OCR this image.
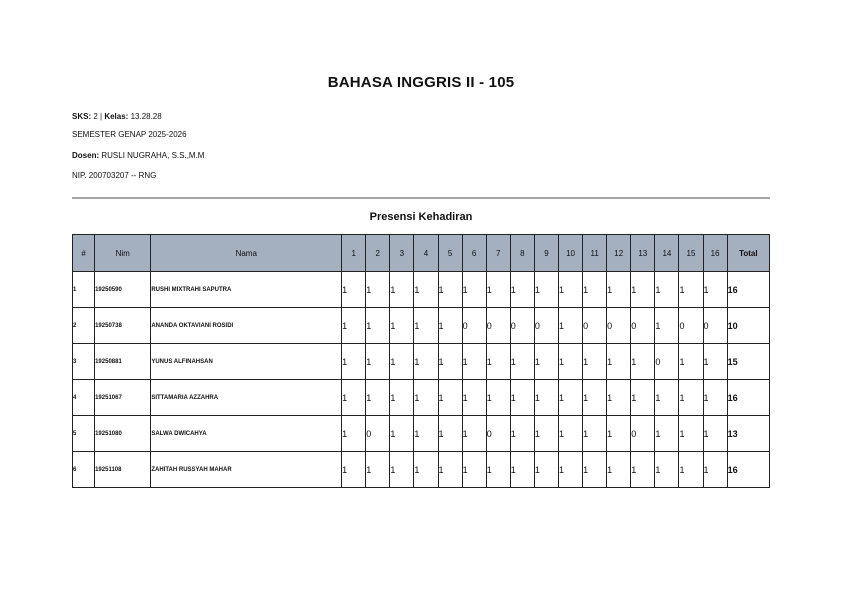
BAHASA INGGRIS II - 105
SKS: 2 | Kelas: 13.28.28
SEMESTER GENAP 2025-2026
Dosen: RUSLI NUGRAHA, S.S.,M.M
NIP. 200703207 -- RNG
Presensi Kehadiran
#	Nim	Nama	1	2	3	4	5	6	7	8	9	10	11	12	13	14	15	16	Total
1	19250590	RUSHI MIXTRAHI SAPUTRA	1	1	1	1	1	1	1	1	1	1	1	1	1	1	1	1	16
2	19250738	ANANDA OKTAVIANI ROSIDI	1	1	1	1	1	0	0	0	0	1	0	0	0	1	0	0	10
3	19250881	YUNUS ALFINAHSAN	1	1	1	1	1	1	1	1	1	1	1	1	1	0	1	1	15
4	19251067	SITTAMARIA AZZAHRA	1	1	1	1	1	1	1	1	1	1	1	1	1	1	1	1	16
5	19251080	SALWA DWICAHYA	1	0	1	1	1	1	0	1	1	1	1	1	0	1	1	1	13
6	19251108	ZAHITAH RUSSYAH MAHAR	1	1	1	1	1	1	1	1	1	1	1	1	1	1	1	1	16
